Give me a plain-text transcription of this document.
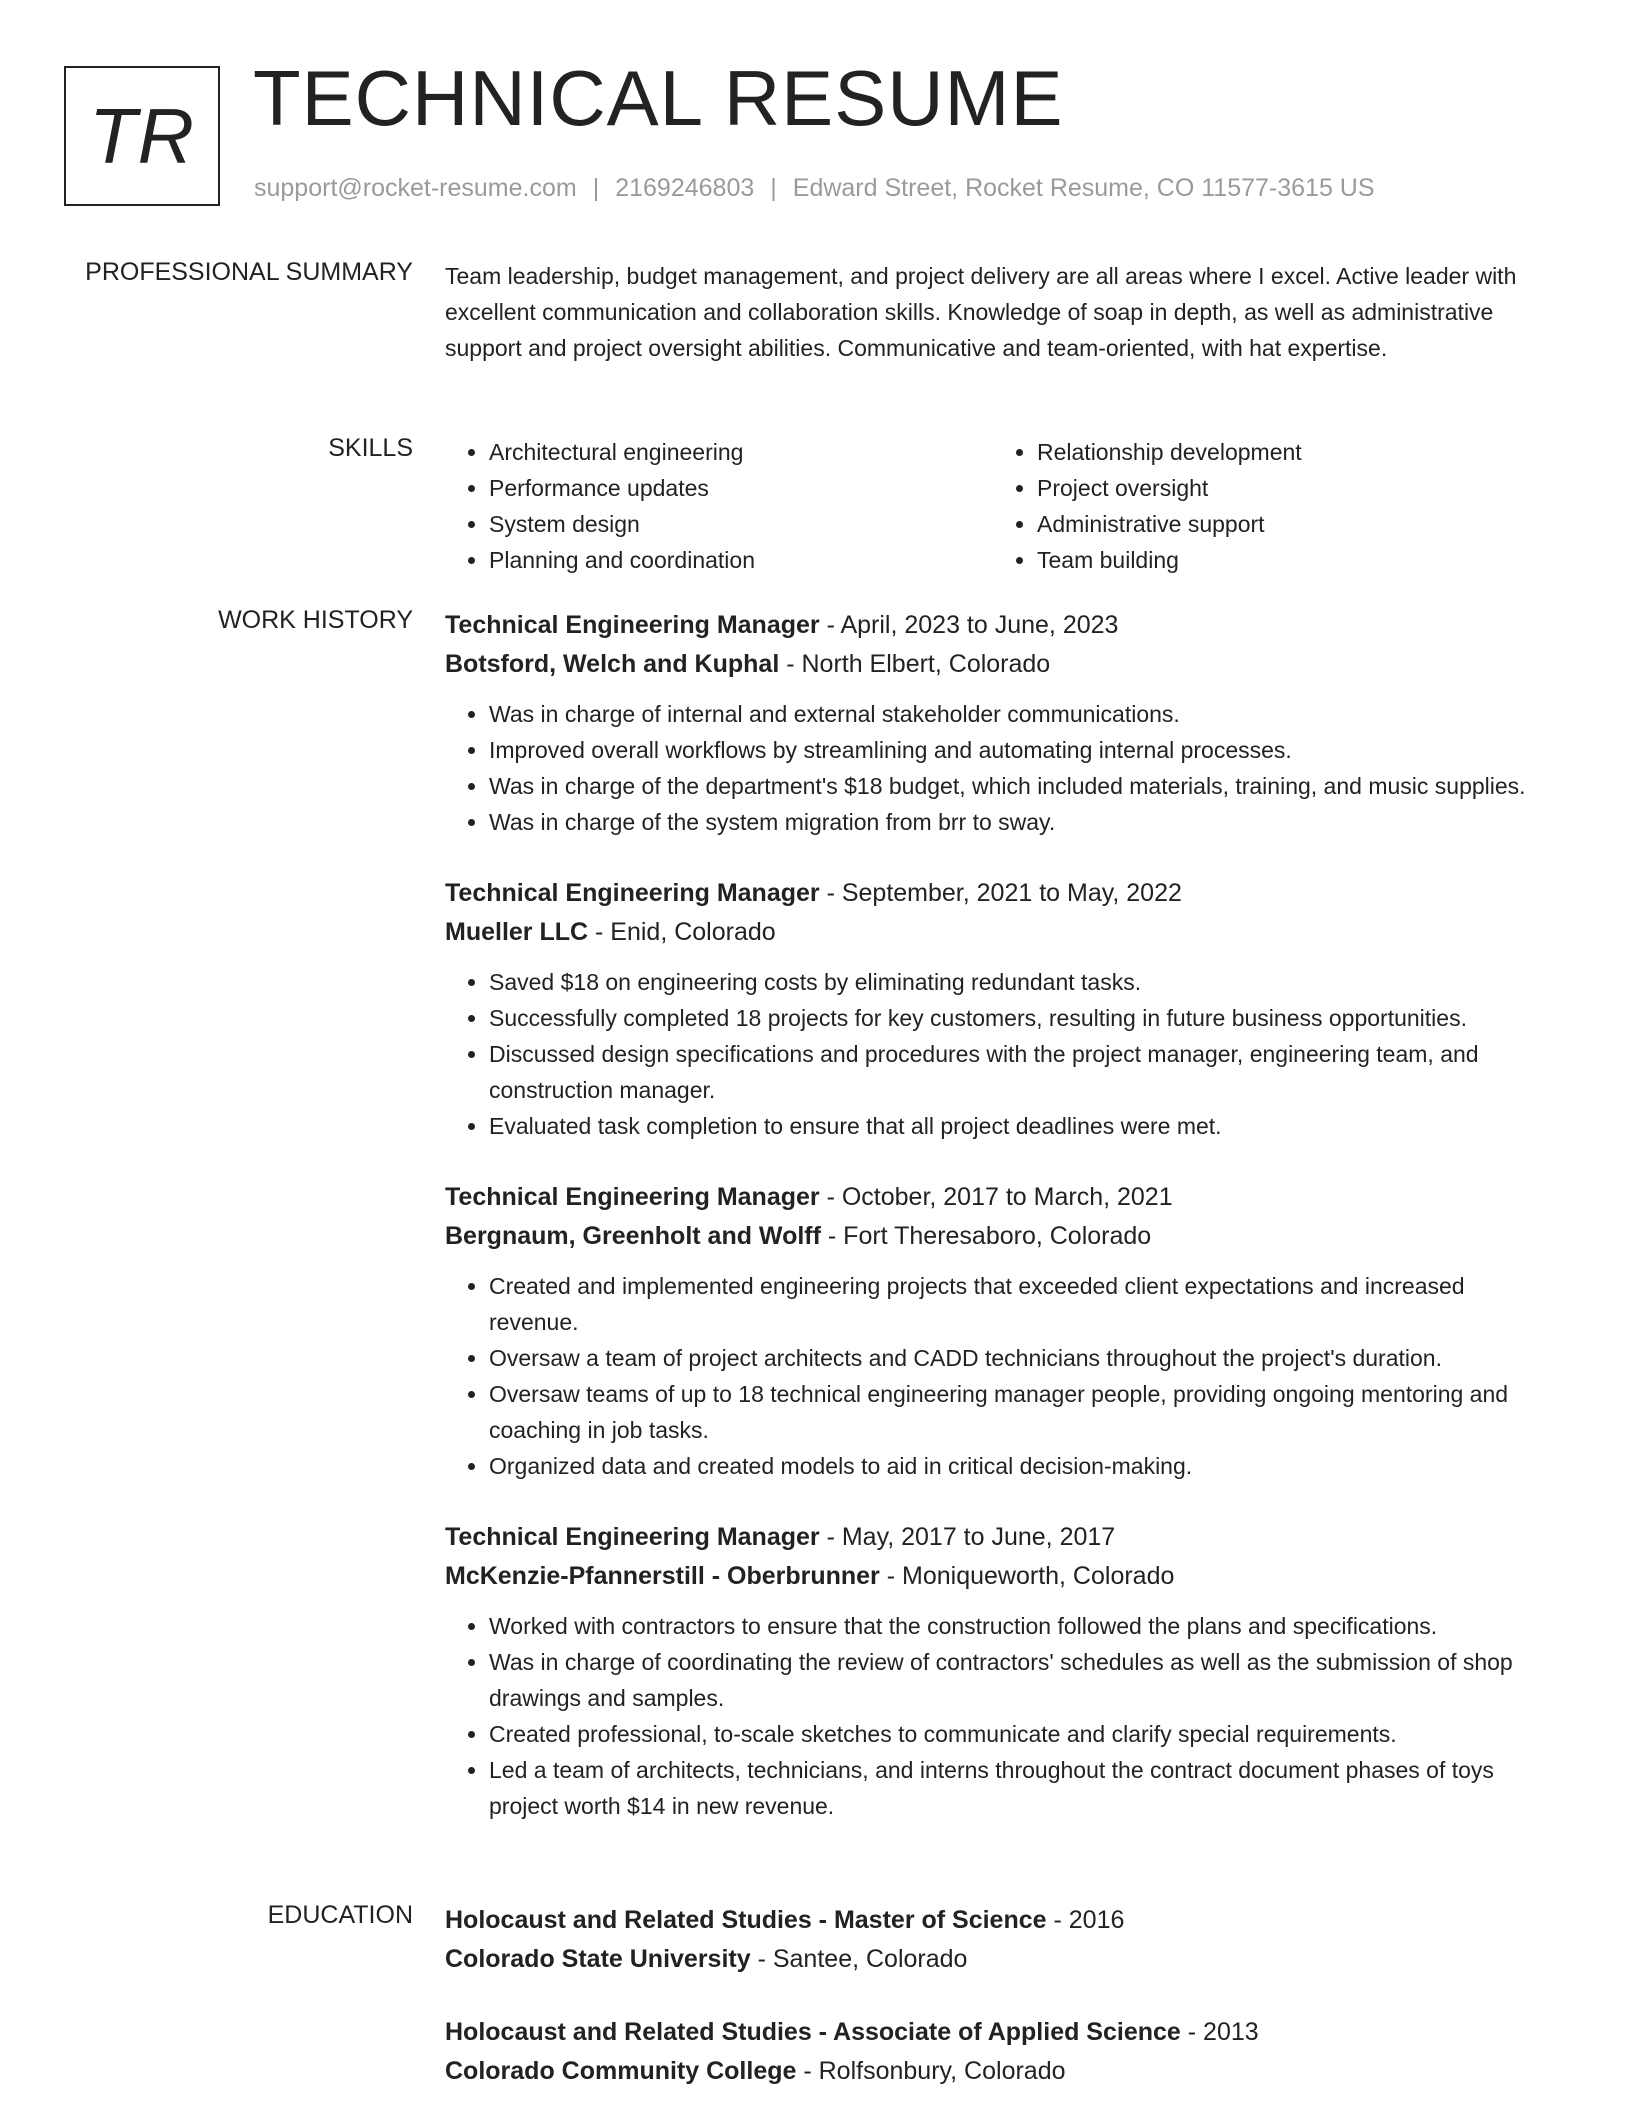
TR TECHNICAL RESUME
support@rocket-resume.com | 2169246803 | Edward Street, Rocket Resume, CO 11577-3615 US
PROFESSIONAL SUMMARY Team leadership, budget management, and project delivery are all areas where I excel. Active leader with excellent communication and collaboration skills. Knowledge of soap in depth, as well as administrative support and project oversight abilities. Communicative and team-oriented, with hat expertise.

SKILLS
•	Architectural engineering
• Performance updates
• System design
• Planning and coordination
• Relationship development
• Project oversight
• Administrative support
• Team building
WORK HISTORY Technical Engineering Manager - April, 2023 to June, 2023
Botsford, Welch and Kuphal - North Elbert, Colorado
• Was in charge of internal and external stakeholder communications.
• Improved overall workflows by streamlining and automating internal processes.
• Was in charge of the department's $18 budget, which included materials, training, and music supplies.
• Was in charge of the system migration from brr to sway.
Technical Engineering Manager - September, 2021 to May, 2022
Mueller LLC - Enid, Colorado
• Saved $18 on engineering costs by eliminating redundant tasks.
• Successfully completed 18 projects for key customers, resulting in future business opportunities.
• Discussed design specifications and procedures with the project manager, engineering team, and construction manager.
• Evaluated task completion to ensure that all project deadlines were met.
Technical Engineering Manager - October, 2017 to March, 2021
Bergnaum, Greenholt and Wolff - Fort Theresaboro, Colorado
• Created and implemented engineering projects that exceeded client expectations and increased revenue.
• Oversaw a team of project architects and CADD technicians throughout the project's duration.
• Oversaw teams of up to 18 technical engineering manager people, providing ongoing mentoring and coaching in job tasks.
• Organized data and created models to aid in critical decision-making.
Technical Engineering Manager - May, 2017 to June, 2017
McKenzie-Pfannerstill - Oberbrunner - Moniqueworth, Colorado
• Worked with contractors to ensure that the construction followed the plans and specifications.
• Was in charge of coordinating the review of contractors' schedules as well as the submission of shop drawings and samples.
• Created professional, to-scale sketches to communicate and clarify special requirements.
• Led a team of architects, technicians, and interns throughout the contract document phases of toys project worth $14 in new revenue.
EDUCATION Holocaust and Related Studies - Master of Science - 2016
Colorado State University - Santee, Colorado
Holocaust and Related Studies - Associate of Applied Science - 2013
Colorado Community College - Rolfsonbury, Colorado
